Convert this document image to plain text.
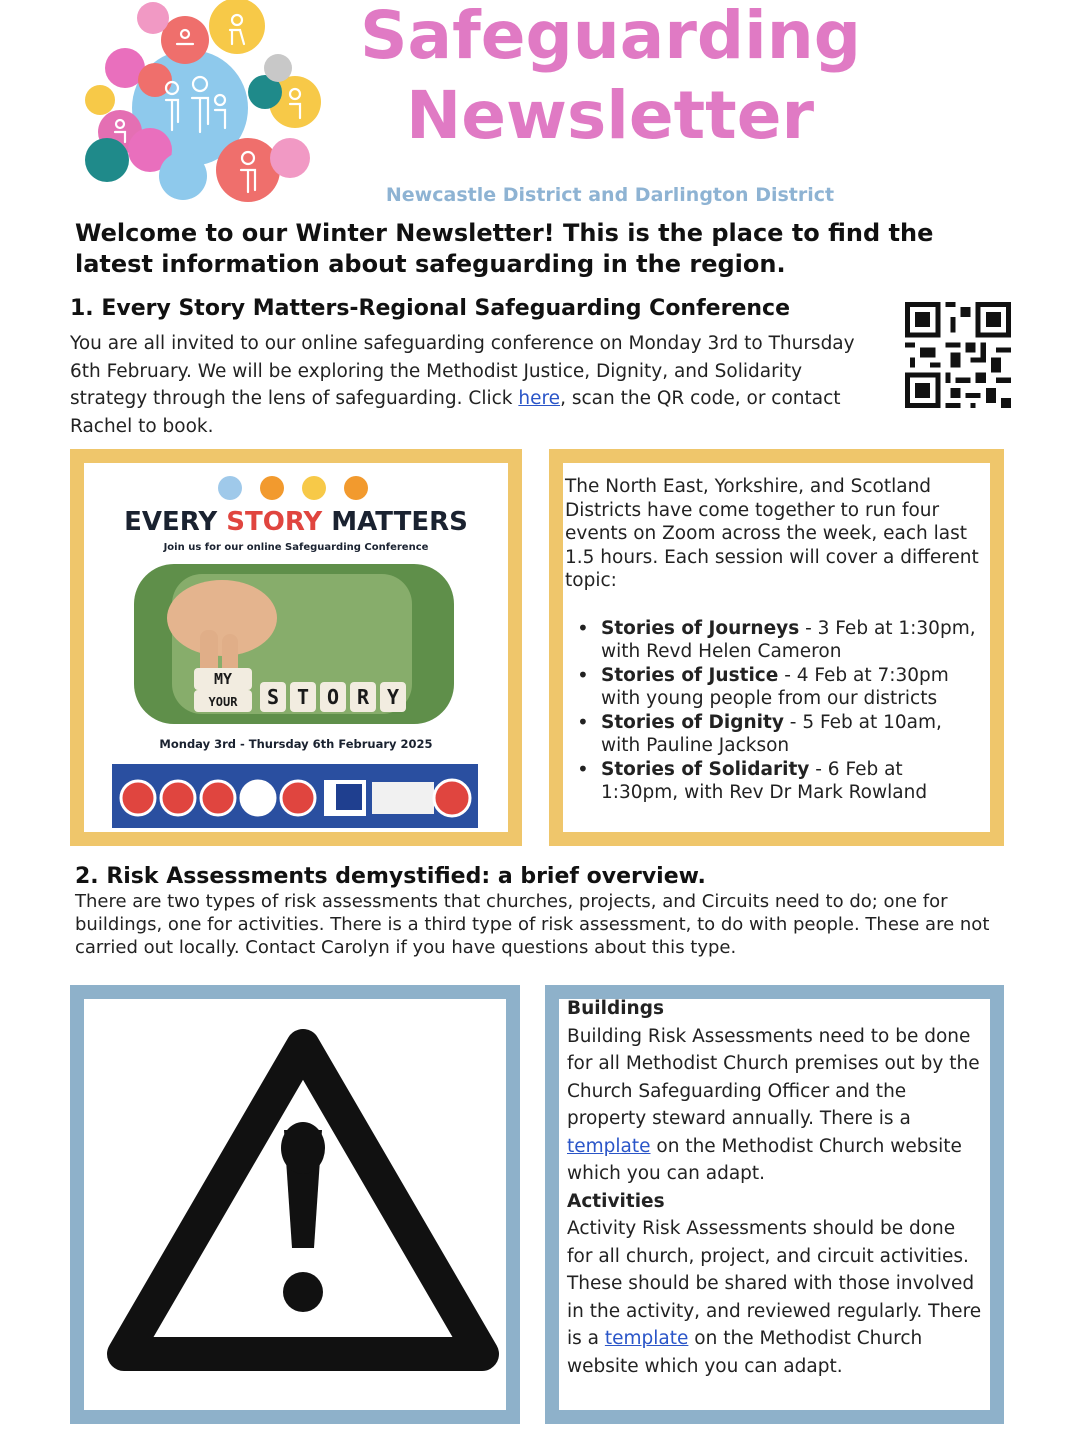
Safeguarding
Newsletter
Newcastle District and Darlington District
Welcome to our Winter Newsletter! This is the place to find the latest information about safeguarding in the region.
1. Every Story Matters-Regional Safeguarding Conference

You are all invited to our online safeguarding conference on Monday 3rd to Thursday 6th February. We will be exploring the Methodist Justice, Dignity, and Solidarity strategy through the lens of safeguarding. Click here, scan the QR code, or contact Rachel to book.

EVERY STORY MATTERS
Join us for our online Safeguarding Conference
MY
YOUR S T O R Y
Monday 3rd - Thursday 6th February 2025

The North East, Yorkshire, and Scotland Districts have come together to run four events on Zoom across the week, each last 1.5 hours. Each session will cover a different topic:

• Stories of Journeys - 3 Feb at 1:30pm, with Revd Helen Cameron
• Stories of Justice - 4 Feb at 7:30pm with young people from our districts
• Stories of Dignity - 5 Feb at 10am, with Pauline Jackson
• Stories of Solidarity - 6 Feb at 1:30pm, with Rev Dr Mark Rowland
2. Risk Assessments demystified: a brief overview.

There are two types of risk assessments that churches, projects, and Circuits need to do; one for buildings, one for activities. There is a third type of risk assessment, to do with people. These are not carried out locally. Contact Carolyn if you have questions about this type.

Buildings

Building Risk Assessments need to be done for all Methodist Church premises out by the Church Safeguarding Officer and the property steward annually. There is a template on the Methodist Church website which you can adapt.

Activities

Activity Risk Assessments should be done for all church, project, and circuit activities. These should be shared with those involved in the activity, and reviewed regularly. There is a template on the Methodist Church website which you can adapt.
